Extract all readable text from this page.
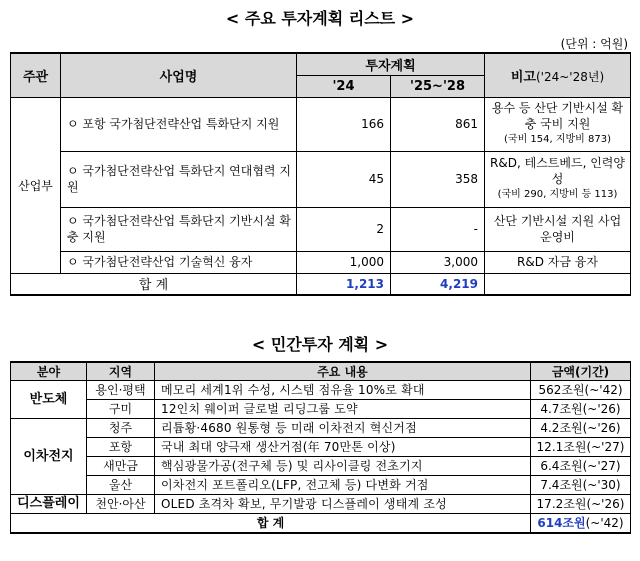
< 주요 투자계획 리스트 >
(단위 : 억원)
주관	사업명	투자계획		비고('24~'28년)
		'24	'25~'28	
산업부	ㅇ 포항 국가첨단전략산업 특화단지 지원	166	861	용수 등 산단 기반시설 확충 국비 지원
(국비 154, 지방비 873)

	ㅇ 국가첨단전략산업 특화단지 연대협력 지원	45	358	R&D, 테스트베드, 인력양성
(국비 290, 지방비 등 113)

	ㅇ 국가첨단전략산업 특화단지 기반시설 확충 지원	2	-	산단 기반시설 지원 사업 운영비
	ㅇ 국가첨단전략산업 기술혁신 융자	1,000	3,000	R&D 자금 융자
합 계		1,213	4,219	
< 민간투자 계획 >
분야	지역	주요 내용	금액(기간)
반도체	용인·평택	메모리 세계1위 수성, 시스템 점유율 10%로 확대	562조원(~'42)
	구미	12인치 웨이퍼 글로벌 리딩그룹 도약	4.7조원(~'26)
이차전지	청주	리튬황·4680 원통형 등 미래 이차전지 혁신거점	4.2조원(~'26)
	포항	국내 최대 양극재 생산거점(年 70만톤 이상)	12.1조원(~'27)
	새만금	핵심광물가공(전구체 등) 및 리사이클링 전초기지	6.4조원(~'27)
	울산	이차전지 포트폴리오(LFP, 전고체 등) 다변화 거점	7.4조원(~'30)
디스플레이	천안·아산	OLED 초격차 확보, 무기발광 디스플레이 생태계 조성	17.2조원(~'26)
합 계			614조원(~'42)
